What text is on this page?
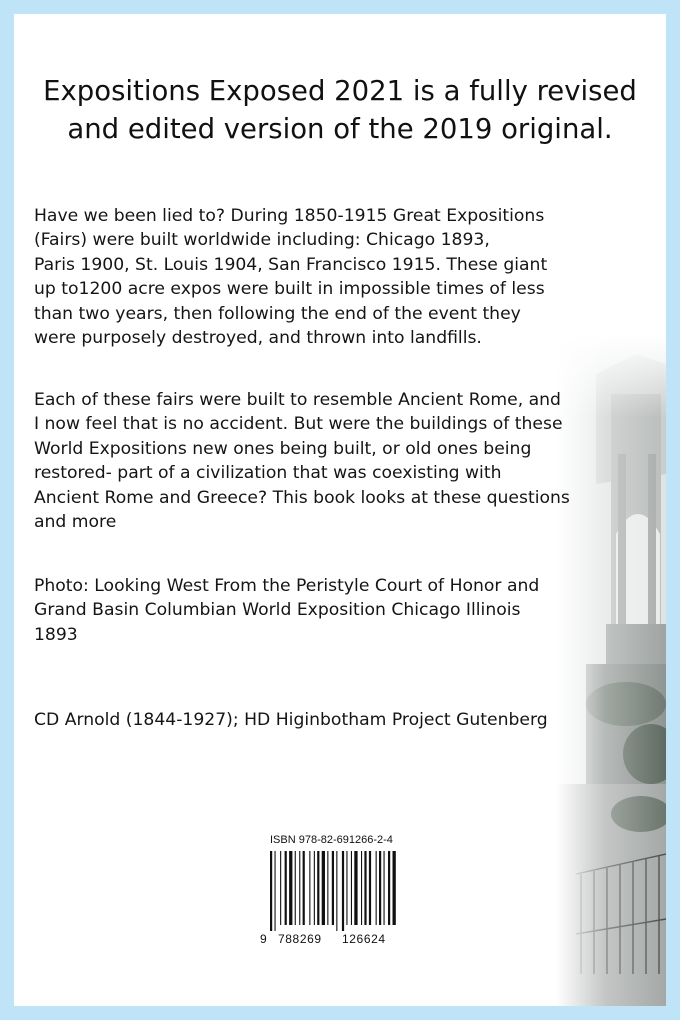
Expositions Exposed 2021 is a fully revised
and edited version of the 2019 original.
Have we been lied to? During 1850-1915 Great Expositions
(Fairs) were built worldwide including: Chicago 1893,
Paris 1900, St. Louis 1904, San Francisco 1915. These giant
up to1200 acre expos were built in impossible times of less
than two years, then following the end of the event they
were purposely destroyed, and thrown into landfills.
Each of these fairs were built to resemble Ancient Rome, and
I now feel that is no accident. But were the buildings of these
World Expositions new ones being built, or old ones being
restored- part of a civilization that was coexisting with
Ancient Rome and Greece? This book looks at these questions
and more
Photo: Looking West From the Peristyle Court of Honor and
Grand Basin Columbian World Exposition Chicago Illinois
1893
CD Arnold (1844-1927); HD Higinbotham Project Gutenberg
ISBN 978-82-691266-2-4
9 788269 126624
